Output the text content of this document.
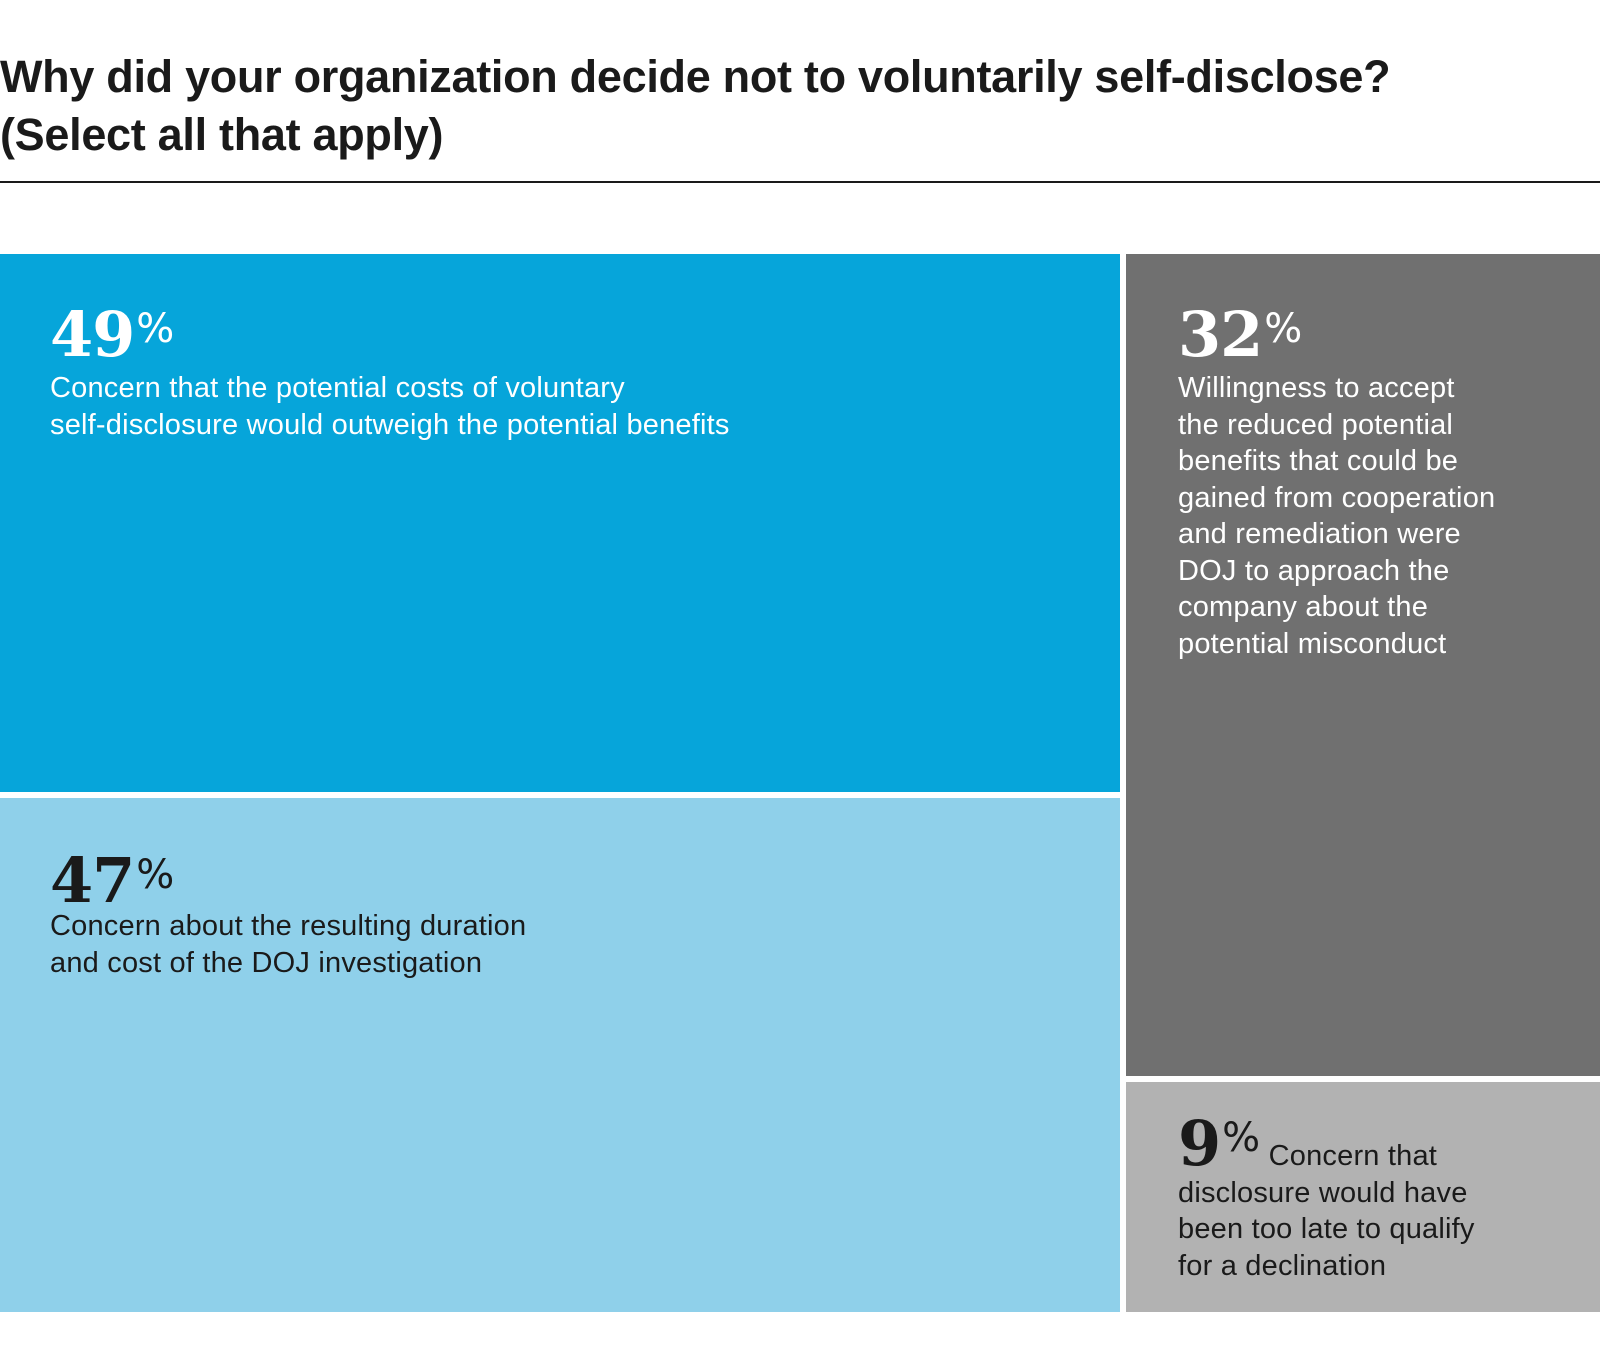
Why did your organization decide not to voluntarily self-disclose?
(Select all that apply)
49%

Concern that the potential costs of voluntary
self-disclosure would outweigh the potential benefits

47%

Concern about the resulting duration
and cost of the DOJ investigation

32%

Willingness to accept
the reduced potential
benefits that could be
gained from cooperation
and remediation were
DOJ to approach the
company about the
potential misconduct

9% Concern that
disclosure would have
been too late to qualify
for a declination
